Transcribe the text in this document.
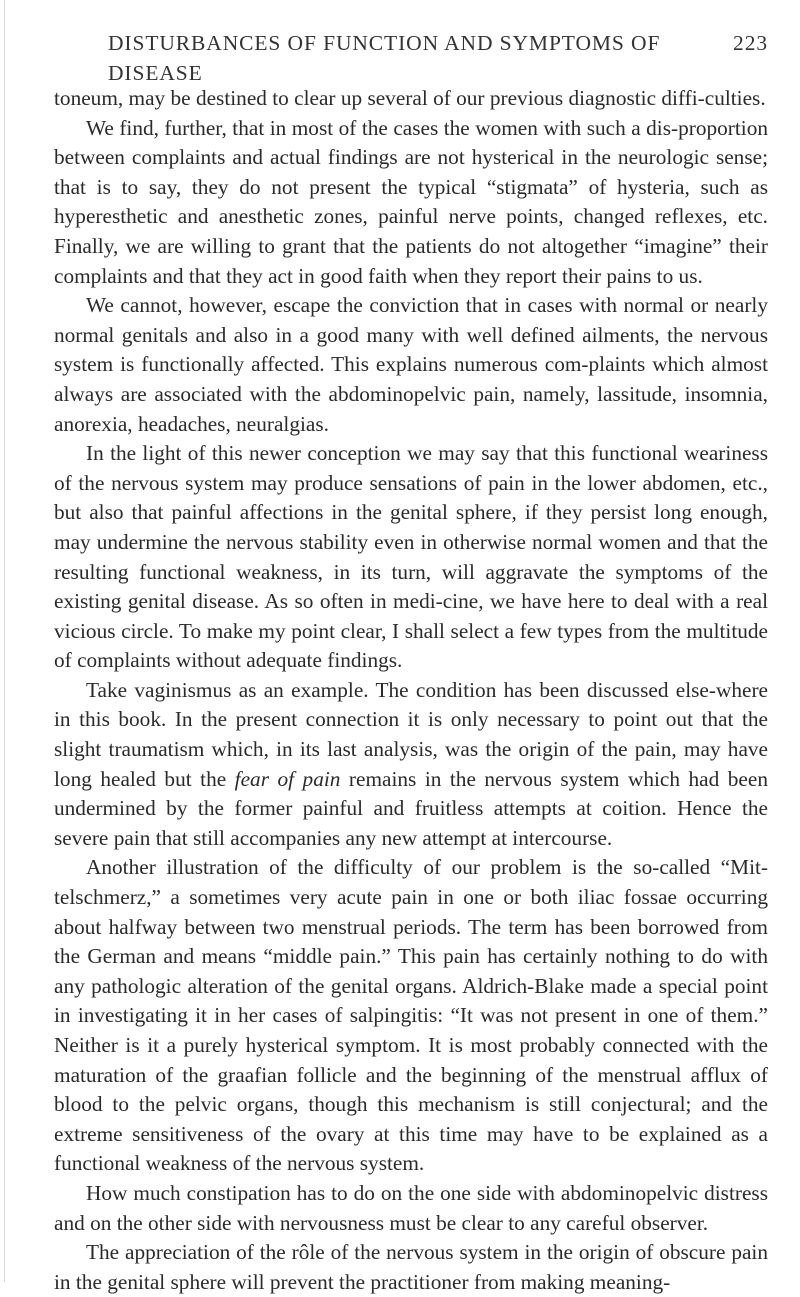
DISTURBANCES OF FUNCTION AND SYMPTOMS OF DISEASE
223

toneum, may be destined to clear up several of our previous diagnostic diffi-culties.

We find, further, that in most of the cases the women with such a dis-proportion between complaints and actual findings are not hysterical in the neurologic sense; that is to say, they do not present the typical “stigmata” of hysteria, such as hyperesthetic and anesthetic zones, painful nerve points, changed reflexes, etc. Finally, we are willing to grant that the patients do not altogether “imagine” their complaints and that they act in good faith when they report their pains to us.

We cannot, however, escape the conviction that in cases with normal or nearly normal genitals and also in a good many with well defined ailments, the nervous system is functionally affected. This explains numerous com-plaints which almost always are associated with the abdominopelvic pain, namely, lassitude, insomnia, anorexia, headaches, neuralgias.

In the light of this newer conception we may say that this functional weariness of the nervous system may produce sensations of pain in the lower abdomen, etc., but also that painful affections in the genital sphere, if they persist long enough, may undermine the nervous stability even in otherwise normal women and that the resulting functional weakness, in its turn, will aggravate the symptoms of the existing genital disease. As so often in medi-cine, we have here to deal with a real vicious circle. To make my point clear, I shall select a few types from the multitude of complaints without adequate findings.

Take vaginismus as an example. The condition has been discussed else-where in this book. In the present connection it is only necessary to point out that the slight traumatism which, in its last analysis, was the origin of the pain, may have long healed but the fear of pain remains in the nervous system which had been undermined by the former painful and fruitless attempts at coition. Hence the severe pain that still accompanies any new attempt at intercourse.

Another illustration of the difficulty of our problem is the so-called “Mit-telschmerz,” a sometimes very acute pain in one or both iliac fossae occurring about halfway between two menstrual periods. The term has been borrowed from the German and means “middle pain.” This pain has certainly nothing to do with any pathologic alteration of the genital organs. Aldrich-Blake made a special point in investigating it in her cases of salpingitis: “It was not present in one of them.” Neither is it a purely hysterical symptom. It is most probably connected with the maturation of the graafian follicle and the beginning of the menstrual afflux of blood to the pelvic organs, though this mechanism is still conjectural; and the extreme sensitiveness of the ovary at this time may have to be explained as a functional weakness of the nervous system.

How much constipation has to do on the one side with abdominopelvic distress and on the other side with nervousness must be clear to any careful observer.

The appreciation of the rôle of the nervous system in the origin of obscure pain in the genital sphere will prevent the practitioner from making meaning-
